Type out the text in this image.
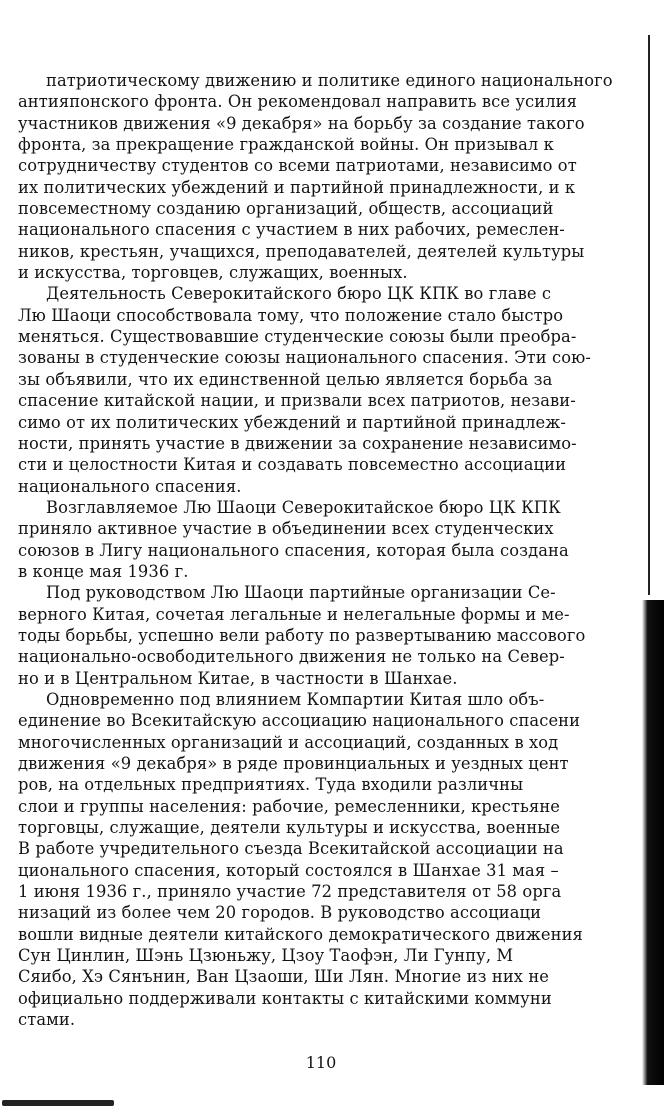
патриотическому движению и политике единого национального
антияпонского фронта. Он рекомендовал направить все усилия
участников движения «9 декабря» на борьбу за создание такого
фронта, за прекращение гражданской войны. Он призывал к
сотрудничеству студентов со всеми патриотами, независимо от
их политических убеждений и партийной принадлежности, и к
повсеместному созданию организаций, обществ, ассоциаций
национального спасения с участием в них рабочих, ремеслен-
ников, крестьян, учащихся, преподавателей, деятелей культуры
и искусства, торговцев, служащих, военных.

Деятельность Северокитайского бюро ЦК КПК во главе с
Лю Шаоци способствовала тому, что положение стало быстро
меняться. Существовавшие студенческие союзы были преобра-
зованы в студенческие союзы национального спасения. Эти сою-
зы объявили, что их единственной целью является борьба за
спасение китайской нации, и призвали всех патриотов, незави-
симо от их политических убеждений и партийной принадлеж-
ности, принять участие в движении за сохранение независимо-
сти и целостности Китая и создавать повсеместно ассоциации
национального спасения.

Возглавляемое Лю Шаоци Северокитайское бюро ЦК КПК
приняло активное участие в объединении всех студенческих
союзов в Лигу национального спасения, которая была создана
в конце мая 1936 г.

Под руководством Лю Шаоци партийные организации Се-
верного Китая, сочетая легальные и нелегальные формы и ме-
тоды борьбы, успешно вели работу по развертыванию массового
национально-освободительного движения не только на Север-
но и в Центральном Китае, в частности в Шанхае.

Одновременно под влиянием Компартии Китая шло объ-
единение во Всекитайскую ассоциацию национального спасени
многочисленных организаций и ассоциаций, созданных в ход
движения «9 декабря» в ряде провинциальных и уездных цент
ров, на отдельных предприятиях. Туда входили различны
слои и группы населения: рабочие, ремесленники, крестьяне
торговцы, служащие, деятели культуры и искусства, военные
В работе учредительного съезда Всекитайской ассоциации на
ционального спасения, который состоялся в Шанхае 31 мая –
1 июня 1936 г., приняло участие 72 представителя от 58 орга
низаций из более чем 20 городов. В руководство ассоциаци
вошли видные деятели китайского демократического движения
Сун Цинлин, Шэнь Цзюньжу, Цзоу Таофэн, Ли Гунпу, М
Сяибо, Хэ Сянънин, Ван Цзаоши, Ши Лян. Многие из них не
официально поддерживали контакты с китайскими коммуни
стами.

110
